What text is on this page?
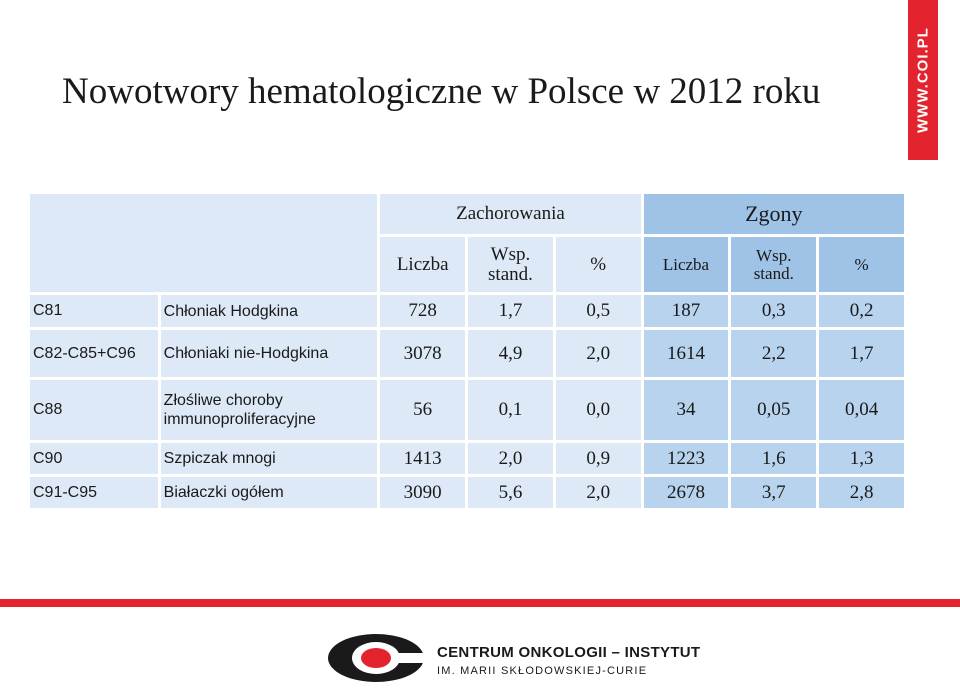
WWW.COI.PL
Nowotwory hematologiczne w Polsce w 2012 roku
		Zachorowania			Zgony		
		Liczba	Wsp. stand.	%	Liczba	Wsp. stand.	%
C81	Chłoniak Hodgkina	728	1,7	0,5	187	0,3	0,2
C82-C85+C96	Chłoniaki nie-Hodgkina	3078	4,9	2,0	1614	2,2	1,7
C88	Złośliwe choroby immunoproliferacyjne	56	0,1	0,0	34	0,05	0,04
C90	Szpiczak mnogi	1413	2,0	0,9	1223	1,6	1,3
C91-C95	Białaczki ogółem	3090	5,6	2,0	2678	3,7	2,8
CENTRUM ONKOLOGII – INSTYTUT
IM. MARII SKŁODOWSKIEJ-CURIE
